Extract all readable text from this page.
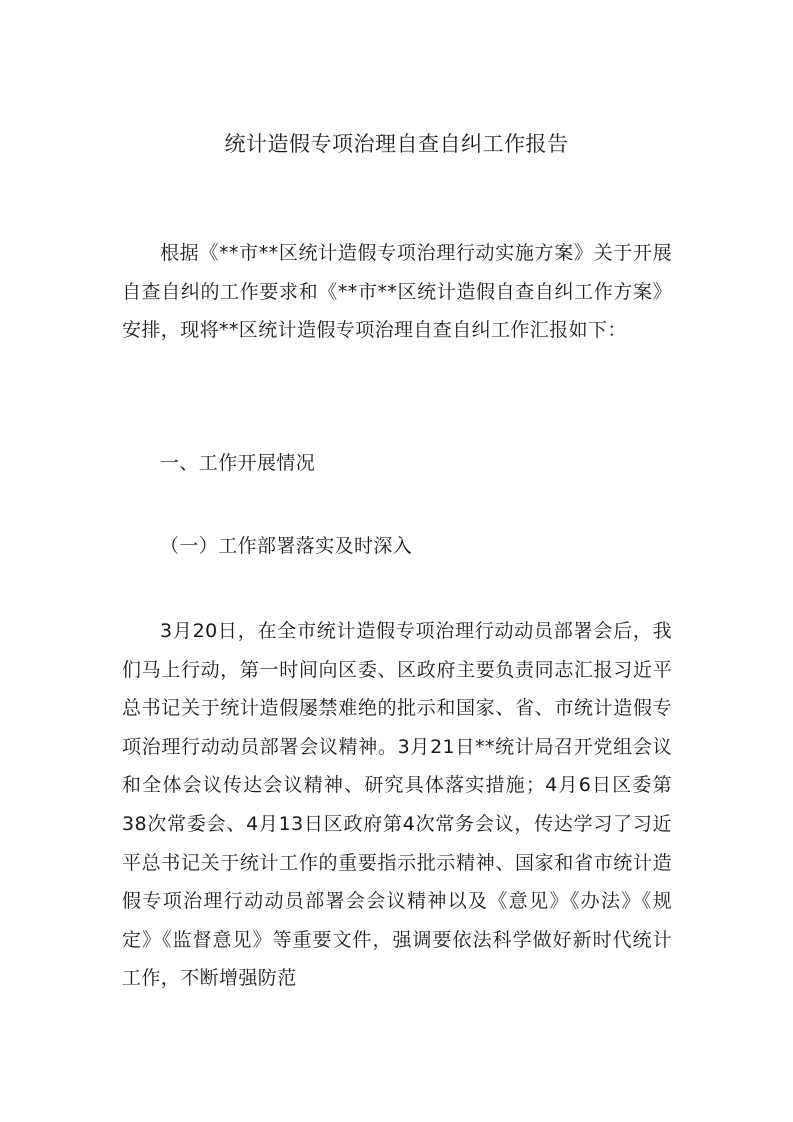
统计造假专项治理自查自纠工作报告
根据《**市**区统计造假专项治理行动实施方案》关于开展自查自纠的工作要求和《**市**区统计造假自查自纠工作方案》安排，现将**区统计造假专项治理自查自纠工作汇报如下：
一、工作开展情况
（一）工作部署落实及时深入
3月20日，在全市统计造假专项治理行动动员部署会后，我们马上行动，第一时间向区委、区政府主要负责同志汇报习近平总书记关于统计造假屡禁难绝的批示和国家、省、市统计造假专项治理行动动员部署会议精神。3月21日**统计局召开党组会议和全体会议传达会议精神、研究具体落实措施；4月6日区委第38次常委会、4月13日区政府第4次常务会议，传达学习了习近平总书记关于统计工作的重要指示批示精神、国家和省市统计造假专项治理行动动员部署会会议精神以及《意见》《办法》《规定》《监督意见》等重要文件，强调要依法科学做好新时代统计工作，不断增强防范
